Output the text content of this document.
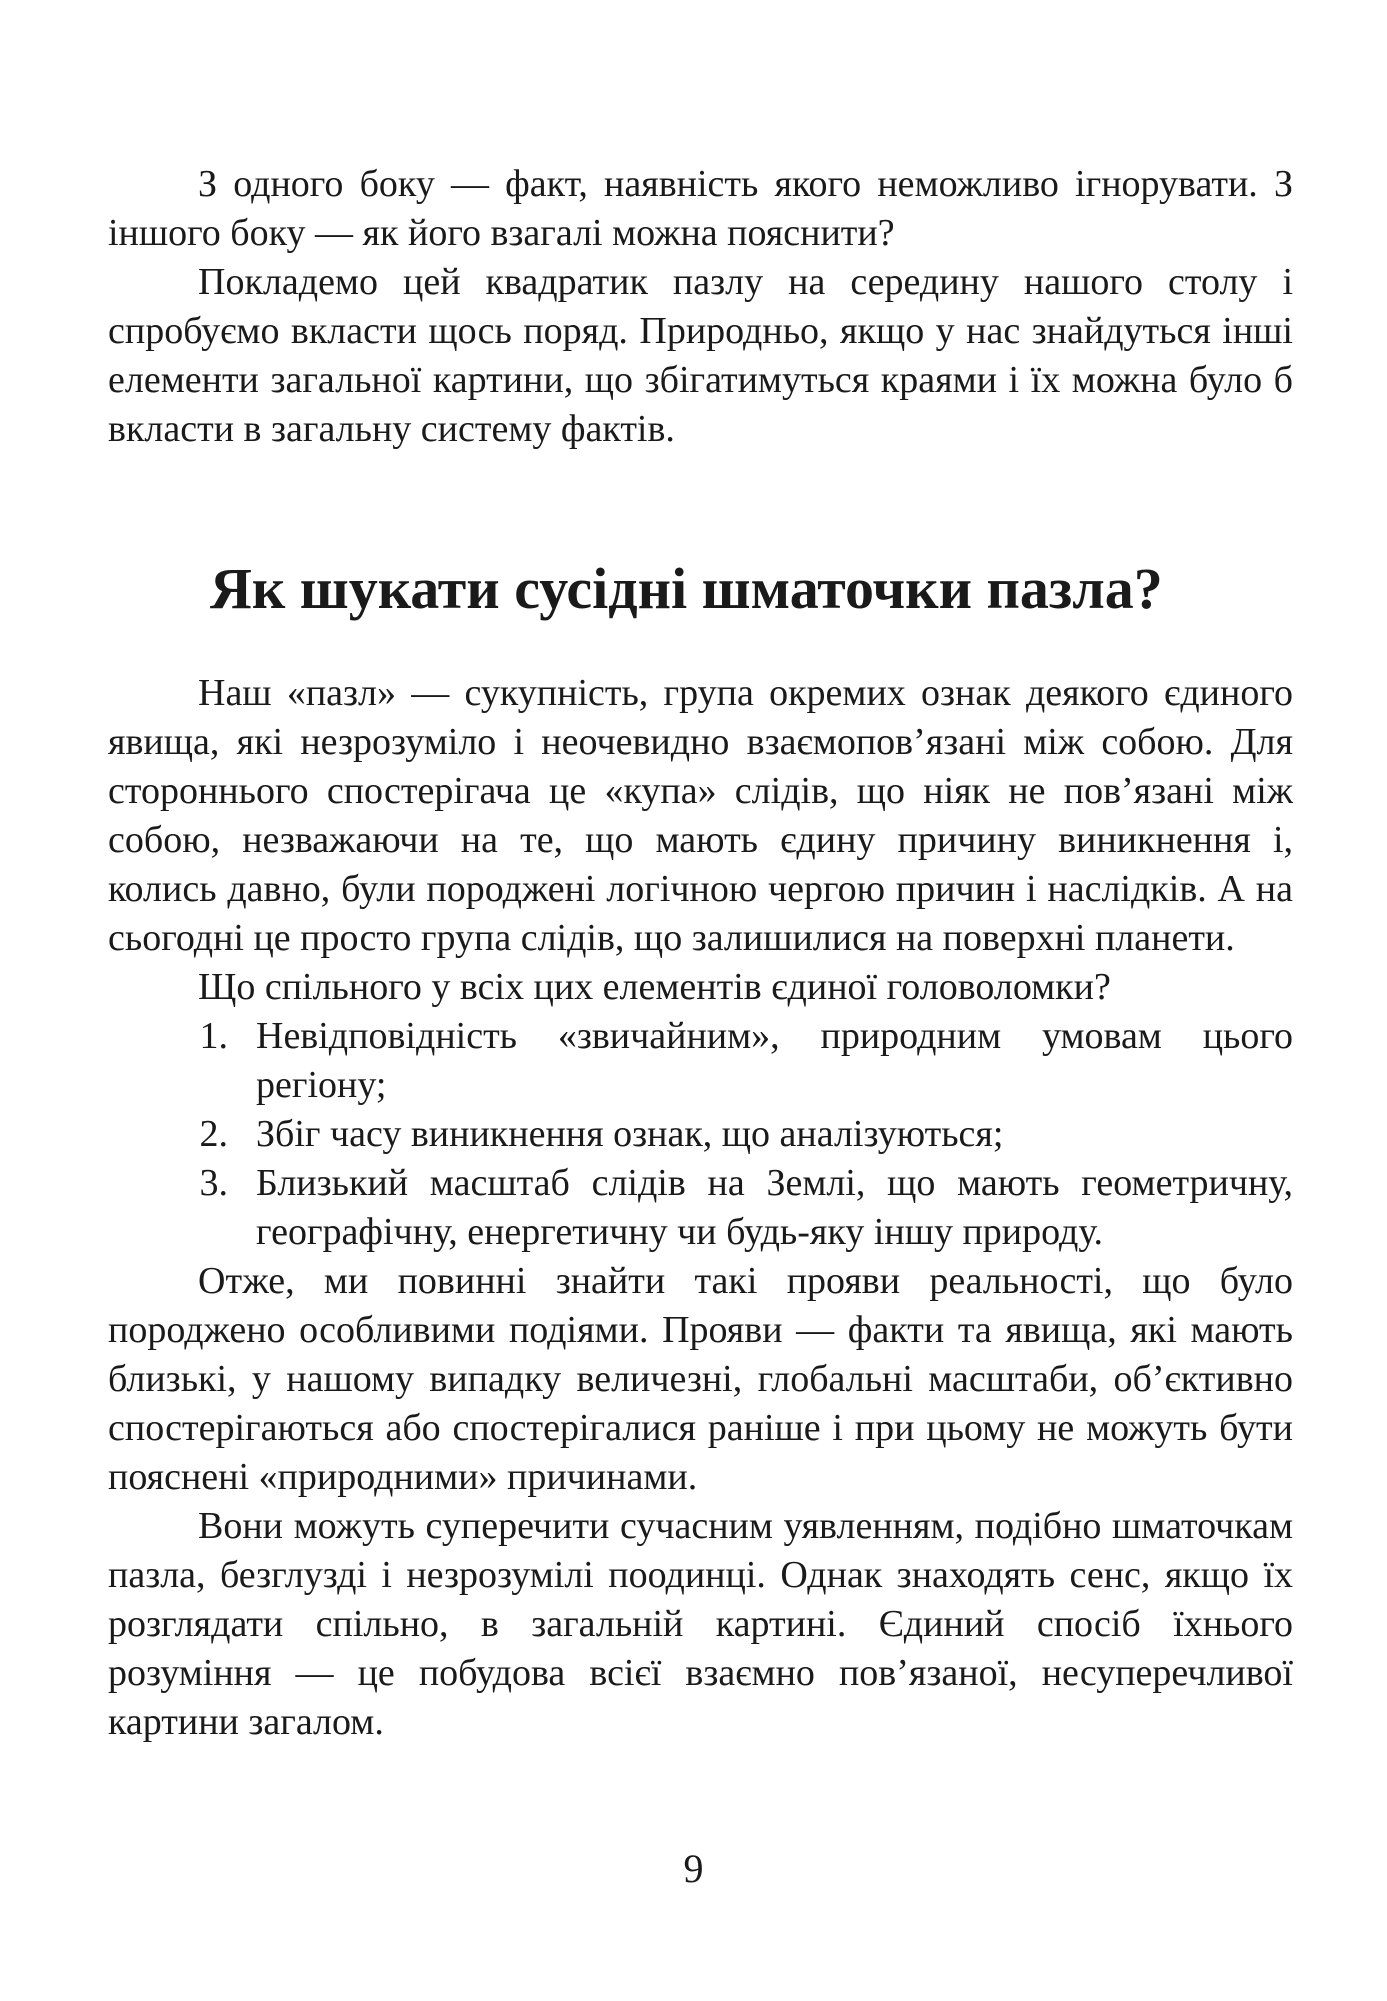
З одного боку — факт, наявність якого неможливо ігнорувати. З іншого боку — як його взагалі можна пояснити?

Покладемо цей квадратик пазлу на середину нашого столу і спробуємо вкласти щось поряд. Природньо, якщо у нас знайдуться інші елементи загальної картини, що збігатимуться краями і їх можна було б вкласти в загальну систему фактів.

Як шукати сусідні шматочки пазла?

Наш «пазл» — сукупність, група окремих ознак деякого єдиного явища, які незрозуміло і неочевидно взаємопов’язані між собою. Для стороннього спостерігача це «купа» слідів, що ніяк не пов’язані між собою, незважаючи на те, що мають єдину причину виникнення і, колись давно, були породжені логічною чергою причин і наслідків. А на сьогодні це просто група слідів, що залишилися на поверхні планети.

Що спільного у всіх цих елементів єдиної головоломки?

1. Невідповідність «звичайним», природним умовам цього регіону;
2. Збіг часу виникнення ознак, що аналізуються;
3. Близький масштаб слідів на Землі, що мають геометричну, географічну, енергетичну чи будь-яку іншу природу.

Отже, ми повинні знайти такі прояви реальності, що було породжено особливими подіями. Прояви — факти та явища, які мають близькі, у нашому випадку величезні, глобальні масштаби, об’єктивно спостерігаються або спостерігалися раніше і при цьому не можуть бути пояснені «природними» причинами.

Вони можуть суперечити сучасним уявленням, подібно шматочкам пазла, безглузді і незрозумілі поодинці. Однак знаходять сенс, якщо їх розглядати спільно, в загальній картині. Єдиний спосіб їхнього розуміння — це побудова всієї взаємно пов’язаної, несуперечливої картини загалом.

9
